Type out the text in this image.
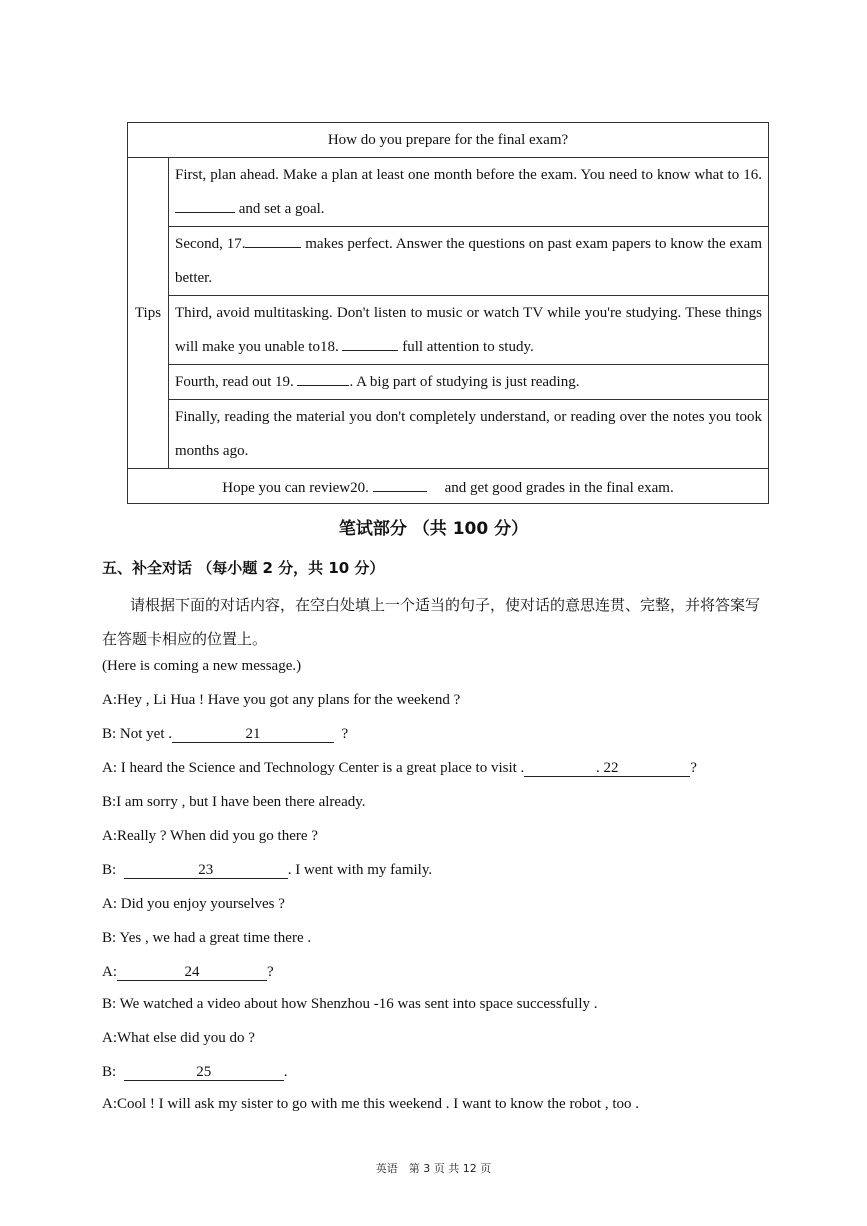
How do you prepare for the final exam?
Tips	First, plan ahead. Make a plan at least one month before the exam. You need to know what to 16. and set a goal.
Second, 17.	makes perfect. Answer the questions on past exam papers to know the exam better.
Third, avoid multitasking. Don't listen to music or watch TV while you're studying. These things will make you unable to18.	full attention to study.
Fourth, read out 19.	. A big part of studying is just reading.
Finally, reading the material you don't completely understand, or reading over the notes you took months ago.
Hope you can review20.	and get good grades in the final exam.
笔试部分 （共 100 分）
五、补全对话 （每小题 2 分，共 10 分）

请根据下面的对话内容，在空白处填上一个适当的句子，使对话的意思连贯、完整，并将答案写在答题卡相应的位置上。

(Here is coming a new message.)
A:Hey , Li Hua ! Have you got any plans for the weekend ?
B: Not yet .	21	?
A: I heard the Science and Technology Center is a great place to visit .	. 22	?
B:I am sorry , but I have been there already.
A:Really ? When did you go there ?
B:	23	. I went with my family.
A: Did you enjoy yourselves ?
B: Yes , we had a great time there .
A:	24	?
B: We watched a video about how Shenzhou -16 was sent into space successfully .
A:What else did you do ?
B:	25	.
A:Cool ! I will ask my sister to go with me this weekend . I want to know the robot , too .
英语　第 3 页 共 12 页
